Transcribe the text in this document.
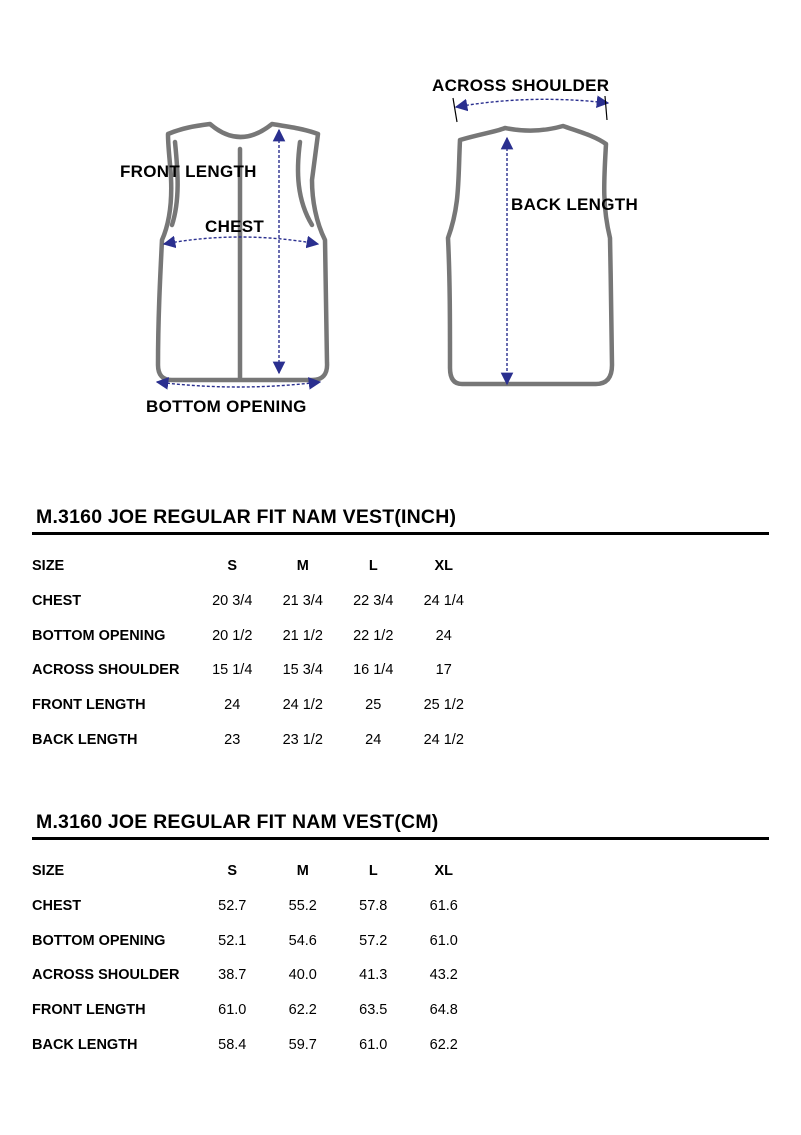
FRONT LENGTH
CHEST
BOTTOM OPENING
ACROSS SHOULDER
BACK LENGTH
M.3160 JOE REGULAR FIT NAM VEST(INCH)
SIZE	S	M	L	XL
CHEST	20 3/4	21 3/4	22 3/4	24 1/4
BOTTOM OPENING	20 1/2	21 1/2	22 1/2	24
ACROSS SHOULDER	15 1/4	15 3/4	16 1/4	17
FRONT LENGTH	24	24 1/2	25	25 1/2
BACK LENGTH	23	23 1/2	24	24 1/2
M.3160 JOE REGULAR FIT NAM VEST(CM)
SIZE	S	M	L	XL
CHEST	52.7	55.2	57.8	61.6
BOTTOM OPENING	52.1	54.6	57.2	61.0
ACROSS SHOULDER	38.7	40.0	41.3	43.2
FRONT LENGTH	61.0	62.2	63.5	64.8
BACK LENGTH	58.4	59.7	61.0	62.2
